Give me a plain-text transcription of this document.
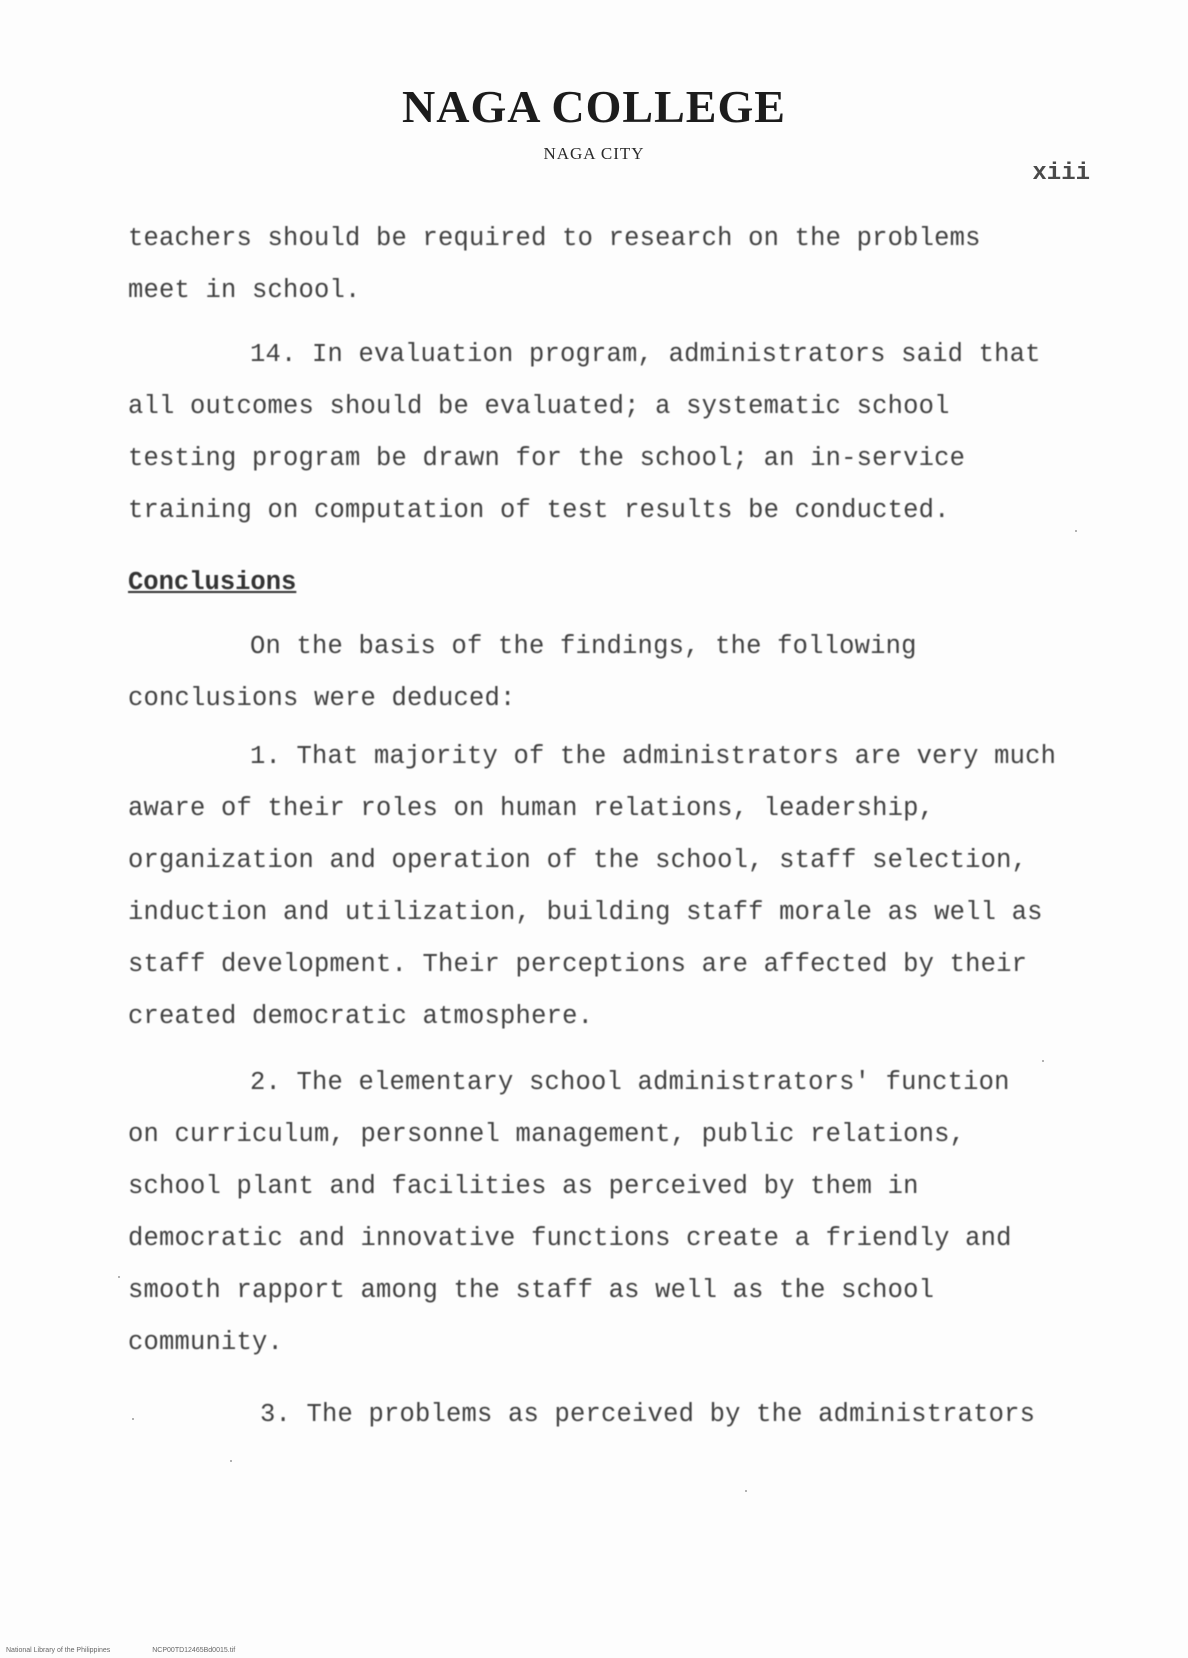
NAGA COLLEGE
NAGA CITY
xiii
teachers should be required to research on the problems
meet in school.
14. In evaluation program, administrators said that
all outcomes should be evaluated; a systematic school
testing program be drawn for the school; an in-service
training on computation of test results be conducted.
Conclusions
On the basis of the findings, the following
conclusions were deduced:
1. That majority of the administrators are very much
aware of their roles on human relations, leadership,
organization and operation of the school, staff selection,
induction and utilization, building staff morale as well as
staff development. Their perceptions are affected by their
created democratic atmosphere.
2. The elementary school administrators' function
on curriculum, personnel management, public relations,
school plant and facilities as perceived by them in
democratic and innovative functions create a friendly and
smooth rapport among the staff as well as the school
community.
3. The problems as perceived by the administrators
National Library of the Philippines	NCP00TD12465Bd0015.tif
